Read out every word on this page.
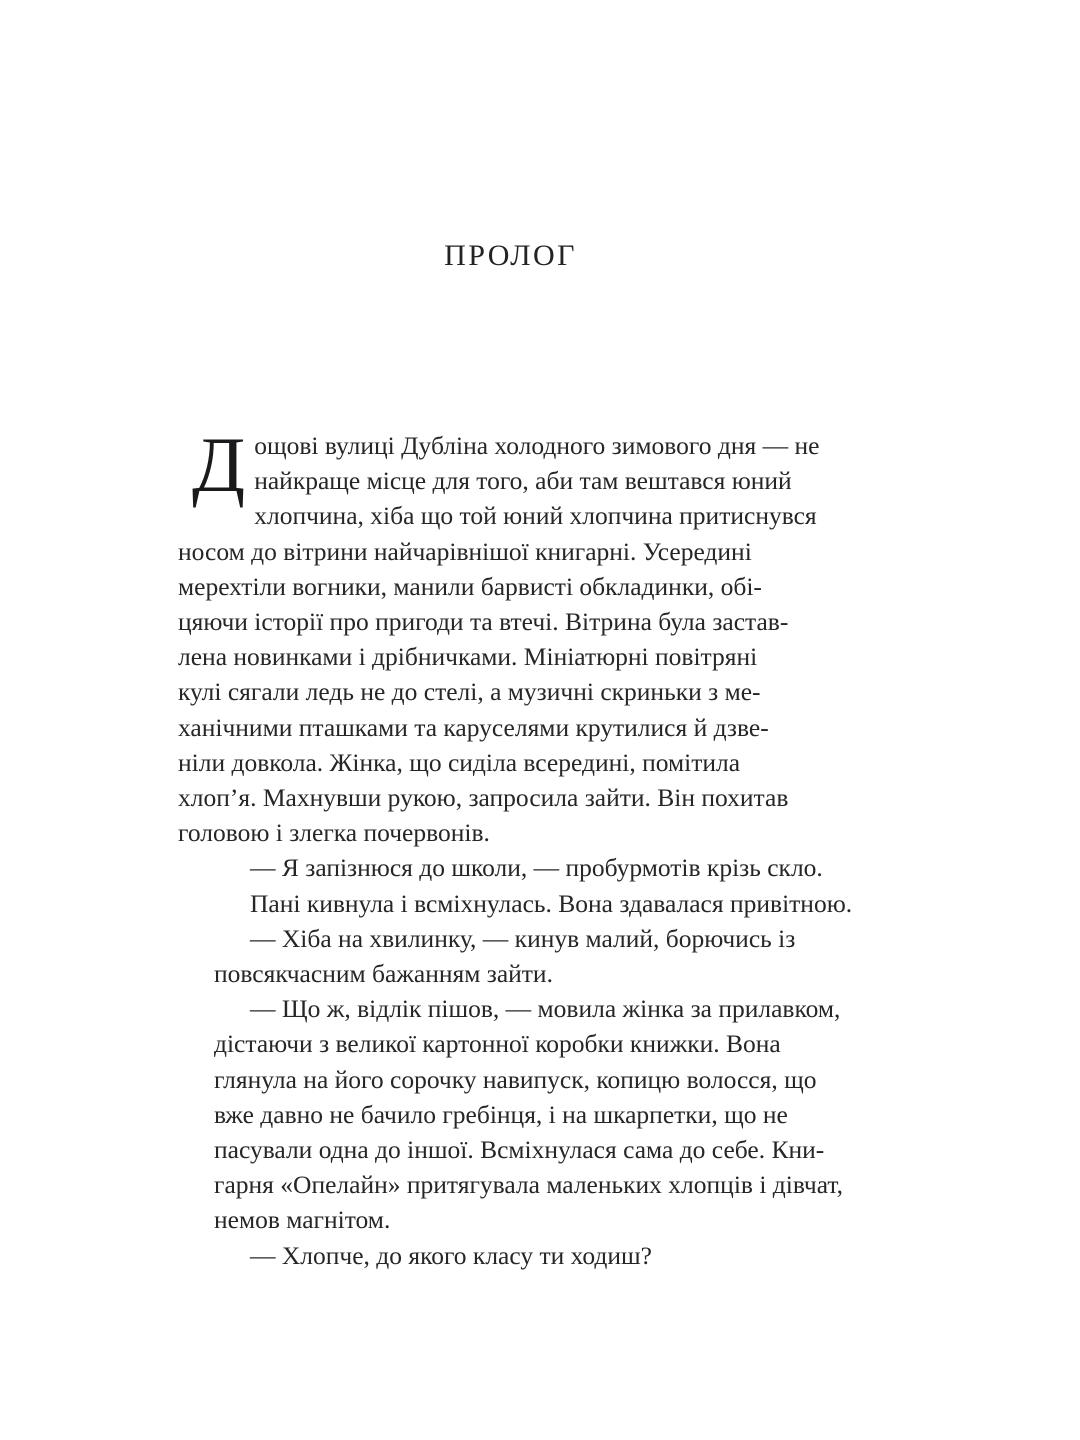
ПРОЛОГ

Д ощові вулиці Дубліна холодного зимового дня — не
найкраще місце для того, аби там вештався юний
хлопчина, хіба що той юний хлопчина притиснувся
носом до вітрини найчарівнішої книгарні. Усередині
мерехтіли вогники, манили барвисті обкладинки, обі-
цяючи історії про пригоди та втечі. Вітрина була застав-
лена новинками і дрібничками. Мініатюрні повітряні
кулі сягали ледь не до стелі, а музичні скриньки з ме-
ханічними пташками та каруселями крутилися й дзве-
ніли довкола. Жінка, що сиділа всередині, помітила
хлоп’я. Махнувши рукою, запросила зайти. Він похитав
головою і злегка почервонів.

— Я запізнюся до школи, — пробурмотів крізь скло.

Пані кивнула і всміхнулась. Вона здавалася привітною.

— Хіба на хвилинку, — кинув малий, борючись із
повсякчасним бажанням зайти.

— Що ж, відлік пішов, — мовила жінка за прилавком,
дістаючи з великої картонної коробки книжки. Вона
глянула на його сорочку навипуск, копицю волосся, що
вже давно не бачило гребінця, і на шкарпетки, що не
пасували одна до іншої. Всміхнулася сама до себе. Кни-
гарня «Опелайн» притягувала маленьких хлопців і дівчат,
немов магнітом.

— Хлопче, до якого класу ти ходиш?
